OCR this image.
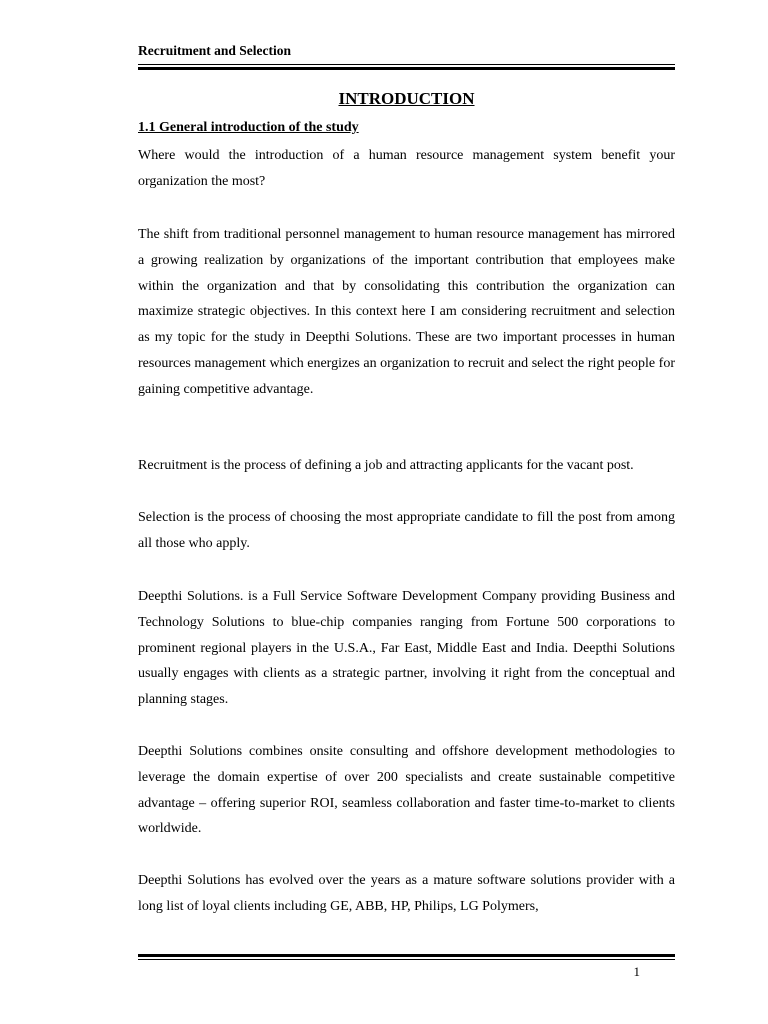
Recruitment and Selection
INTRODUCTION
1.1 General introduction of the study

Where would the introduction of a human resource management system benefit your organization the most?

The shift from traditional personnel management to human resource management has mirrored a growing realization by organizations of the important contribution that employees make within the organization and that by consolidating this contribution the organization can maximize strategic objectives. In this context here I am considering recruitment and selection as my topic for the study in Deepthi Solutions. These are two important processes in human resources management which energizes an organization to recruit and select the right people for gaining competitive advantage.

Recruitment is the process of defining a job and attracting applicants for the vacant post.

Selection is the process of choosing the most appropriate candidate to fill the post from among all those who apply.

Deepthi Solutions. is a Full Service Software Development Company providing Business and Technology Solutions to blue-chip companies ranging from Fortune 500 corporations to prominent regional players in the U.S.A., Far East, Middle East and India. Deepthi Solutions usually engages with clients as a strategic partner, involving it right from the conceptual and planning stages.

Deepthi Solutions combines onsite consulting and offshore development methodologies to leverage the domain expertise of over 200 specialists and create sustainable competitive advantage – offering superior ROI, seamless collaboration and faster time-to-market to clients worldwide.

Deepthi Solutions has evolved over the years as a mature software solutions provider with a long list of loyal clients including GE, ABB, HP, Philips, LG Polymers,

1
